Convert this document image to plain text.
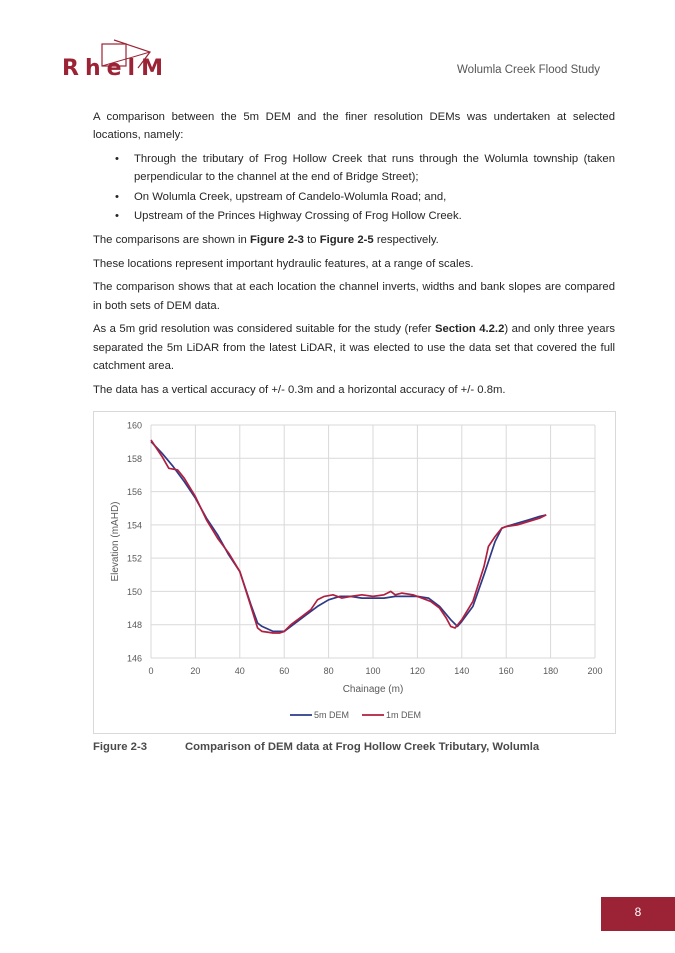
RhelM	Wolumla Creek Flood Study

A comparison between the 5m DEM and the finer resolution DEMs was undertaken at selected locations, namely:

• Through the tributary of Frog Hollow Creek that runs through the Wolumla township (taken perpendicular to the channel at the end of Bridge Street);
• On Wolumla Creek, upstream of Candelo-Wolumla Road; and,
• Upstream of the Princes Highway Crossing of Frog Hollow Creek.

The comparisons are shown in Figure 2-3 to Figure 2-5 respectively.

These locations represent important hydraulic features, at a range of scales.

The comparison shows that at each location the channel inverts, widths and bank slopes are compared in both sets of DEM data.

As a 5m grid resolution was considered suitable for the study (refer Section 4.2.2) and only three years separated the 5m LiDAR from the latest LiDAR, it was elected to use the data set that covered the full catchment area.

The data has a vertical accuracy of +/- 0.3m and a horizontal accuracy of +/- 0.8m.

146
148
150
152
154
156
158
160
0	20	40	60	80	100	120	140	160	180	200
Chainage (m)
Elevation (mAHD)
5m DEM	1m DEM
Figure 2-3	Comparison of DEM data at Frog Hollow Creek Tributary, Wolumla
8
